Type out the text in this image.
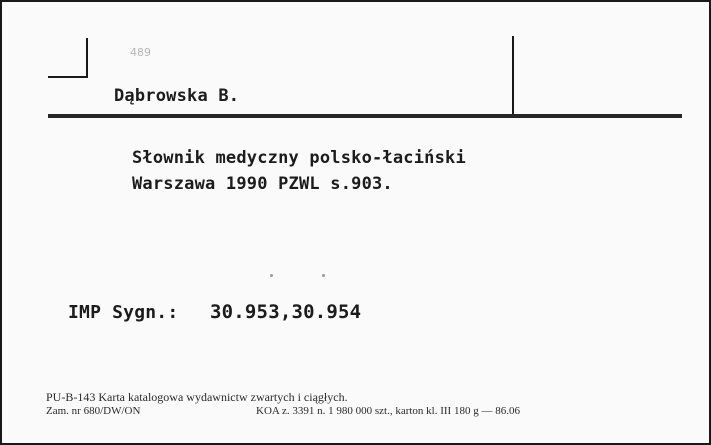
489
Dąbrowska B.
Słownik medyczny polsko-łaciński
Warszawa 1990 PZWL s.903.
IMP Sygn.: 30.953,30.954
PU-B-143 Karta katalogowa wydawnictw zwartych i ciągłych.
Zam. nr 680/DW/ON	KOA z. 3391 n. 1 980 000 szt., karton kl. III 180 g — 86.06
